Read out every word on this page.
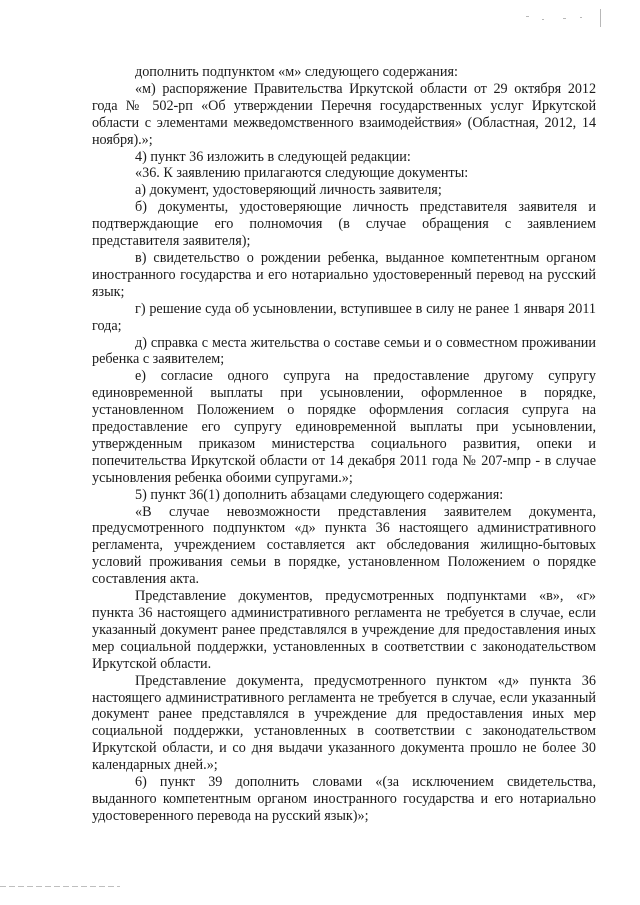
дополнить подпунктом «м» следующего содержания:

«м) распоряжение Правительства Иркутской области от 29 октября 2012 года № 502-рп «Об утверждении Перечня государственных услуг Иркутской области с элементами межведомственного взаимодействия» (Областная, 2012, 14 ноября).»;

4) пункт 36 изложить в следующей редакции:

«36. К заявлению прилагаются следующие документы:

а) документ, удостоверяющий личность заявителя;

б) документы, удостоверяющие личность представителя заявителя и подтверждающие его полномочия (в случае обращения с заявлением представителя заявителя);

в) свидетельство о рождении ребенка, выданное компетентным органом иностранного государства и его нотариально удостоверенный перевод на русский язык;

г) решение суда об усыновлении, вступившее в силу не ранее 1 января 2011 года;

д) справка с места жительства о составе семьи и о совместном проживании ребенка с заявителем;

е) согласие одного супруга на предоставление другому супругу единовременной выплаты при усыновлении, оформленное в порядке, установленном Положением о порядке оформления согласия супруга на предоставление его супругу единовременной выплаты при усыновлении, утвержденным приказом министерства социального развития, опеки и попечительства Иркутской области от 14 декабря 2011 года № 207-мпр - в случае усыновления ребенка обоими супругами.»;

5) пункт 36(1) дополнить абзацами следующего содержания:

«В случае невозможности представления заявителем документа, предусмотренного подпунктом «д» пункта 36 настоящего административного регламента, учреждением составляется акт обследования жилищно-бытовых условий проживания семьи в порядке, установленном Положением о порядке составления акта.

Представление документов, предусмотренных подпунктами «в», «г» пункта 36 настоящего административного регламента не требуется в случае, если указанный документ ранее представлялся в учреждение для предоставления иных мер социальной поддержки, установленных в соответствии с законодательством Иркутской области.

Представление документа, предусмотренного пунктом «д» пункта 36 настоящего административного регламента не требуется в случае, если указанный документ ранее представлялся в учреждение для предоставления иных мер социальной поддержки, установленных в соответствии с законодательством Иркутской области, и со дня выдачи указанного документа прошло не более 30 календарных дней.»;

6) пункт 39 дополнить словами «(за исключением свидетельства, выданного компетентным органом иностранного государства и его нотариально удостоверенного перевода на русский язык)»;
